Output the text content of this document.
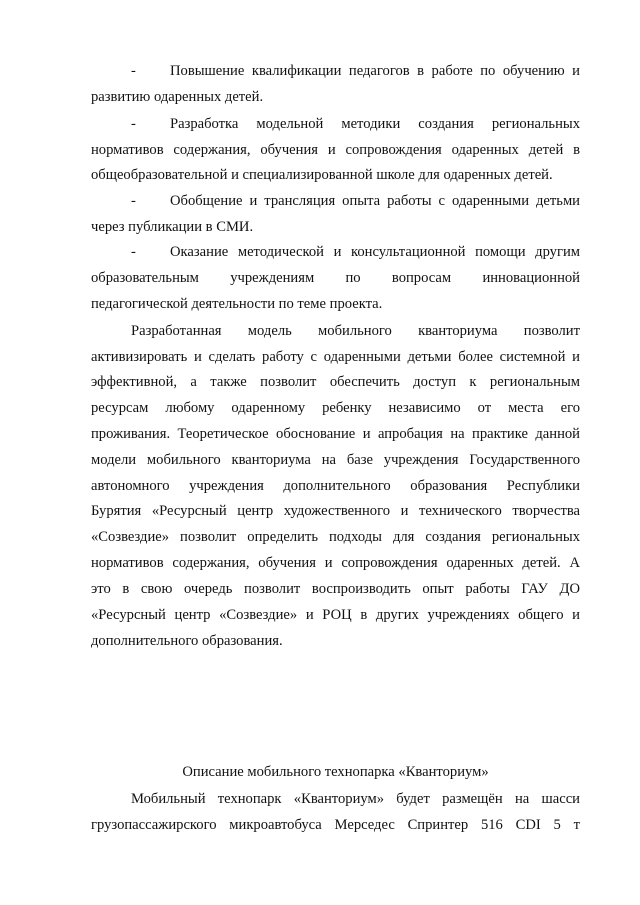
- Повышение квалификации педагогов в работе по обучению и
развитию одаренных детей.
- Разработка модельной методики создания региональных
нормативов содержания, обучения и сопровождения одаренных детей в
общеобразовательной и специализированной школе для одаренных детей.
- Обобщение и трансляция опыта работы с одаренными детьми
через публикации в СМИ.
- Оказание методической и консультационной помощи другим
образовательным учреждениям по вопросам инновационной
педагогической деятельности по теме проекта.
Разработанная модель мобильного кванториума позволит
активизировать и сделать работу с одаренными детьми более системной и
эффективной, а также позволит обеспечить доступ к региональным
ресурсам любому одаренному ребенку независимо от места его
проживания. Теоретическое обоснование и апробация на практике данной
модели мобильного кванториума на базе учреждения Государственного
автономного учреждения дополнительного образования Республики
Бурятия «Ресурсный центр художественного и технического творчества
«Созвездие» позволит определить подходы для создания региональных
нормативов содержания, обучения и сопровождения одаренных детей. А
это в свою очередь позволит воспроизводить опыт работы ГАУ ДО
«Ресурсный центр «Созвездие» и РОЦ в других учреждениях общего и
дополнительного образования.
Описание мобильного технопарка «Кванториум»
Мобильный технопарк «Кванториум» будет размещён на шасси
грузопассажирского микроавтобуса Мерседес Спринтер 516 CDI 5 т
